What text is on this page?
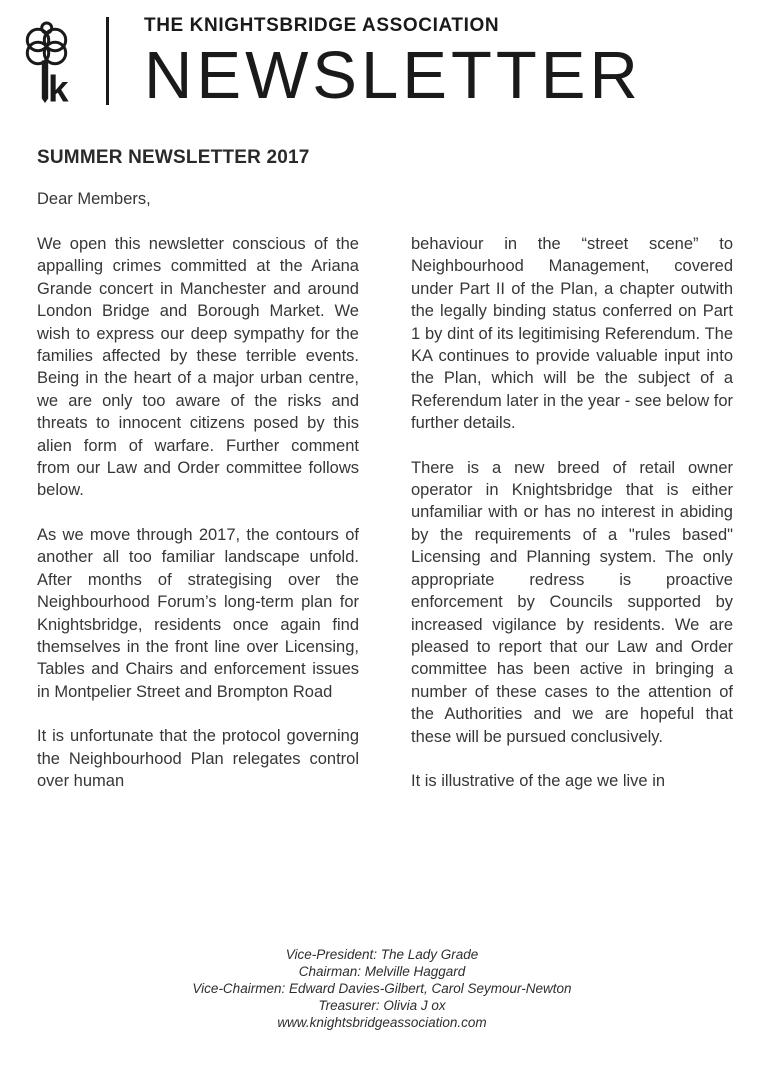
k
THE KNIGHTSBRIDGE ASSOCIATION
NEWSLETTER
SUMMER NEWSLETTER 2017
Dear Members,

We open this newsletter conscious of the appalling crimes committed at the Ariana Grande concert in Manchester and around London Bridge and Borough Market. We wish to express our deep sympathy for the families affected by these terrible events. Being in the heart of a major urban centre, we are only too aware of the risks and threats to innocent citizens posed by this alien form of warfare. Further comment from our Law and Order committee follows below.

As we move through 2017, the contours of another all too familiar landscape unfold. After months of strategising over the Neighbourhood Forum’s long-term plan for Knightsbridge, residents once again find themselves in the front line over Licensing, Tables and Chairs and enforcement issues in Montpelier Street and Brompton Road

It is unfortunate that the protocol governing the Neighbourhood Plan relegates control over human

behaviour in the “street scene” to Neighbourhood Management, covered under Part II of the Plan, a chapter outwith the legally binding status conferred on Part 1 by dint of its legitimising Referendum. The KA continues to provide valuable input into the Plan, which will be the subject of a Referendum later in the year - see below for further details.

There is a new breed of retail owner operator in Knightsbridge that is either unfamiliar with or has no interest in abiding by the requirements of a "rules based" Licensing and Planning system. The only appropriate redress is proactive enforcement by Councils supported by increased vigilance by residents. We are pleased to report that our Law and Order committee has been active in bringing a number of these cases to the attention of the Authorities and we are hopeful that these will be pursued conclusively.

It is illustrative of the age we live in

Vice-President: The Lady Grade
Chairman: Melville Haggard
Vice-Chairmen: Edward Davies-Gilbert, Carol Seymour-Newton
Treasurer: Olivia J ox
www.knightsbridgeassociation.com
